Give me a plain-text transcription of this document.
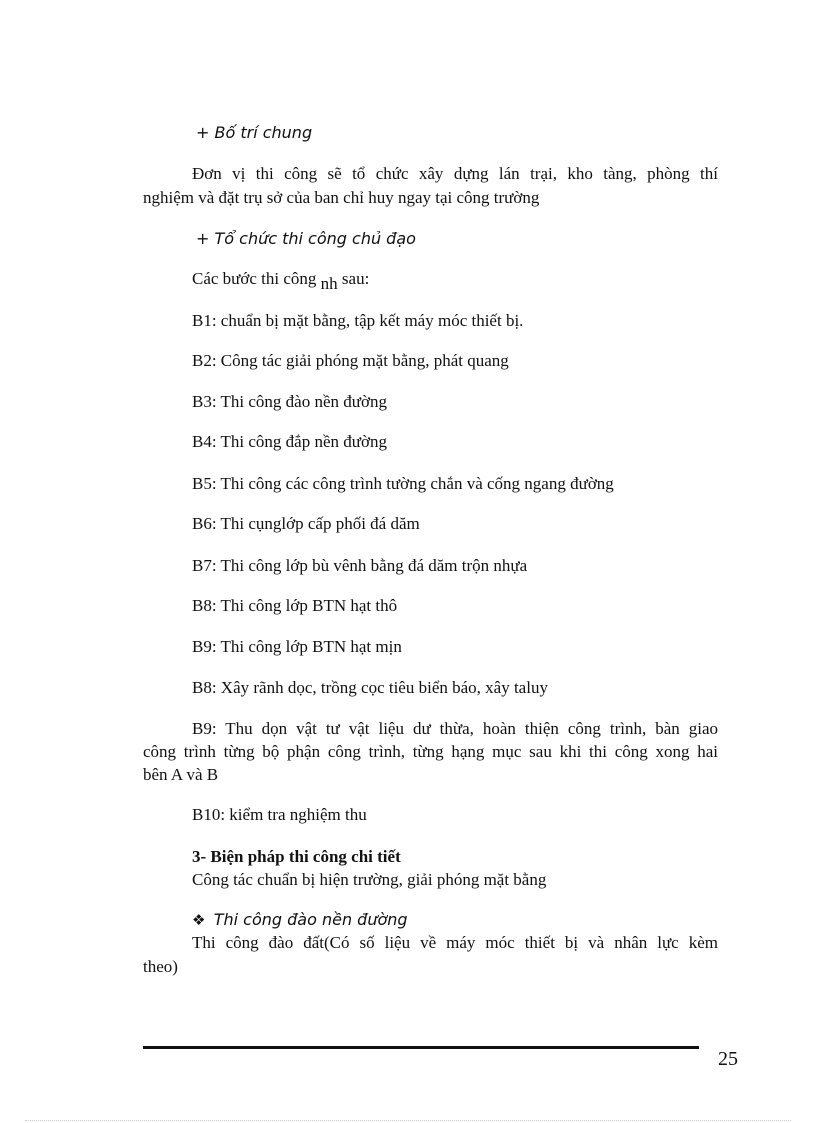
+ Bố trí chung
Đơn vị thi công sẽ tổ chức xây dựng lán trại, kho tàng, phòng thí
nghiệm và đặt trụ sở của ban chỉ huy ngay tại công trường
+ Tổ chức thi công chủ đạo
Các bước thi công nh sau:
B1: chuẩn bị mặt bằng, tập kết máy móc thiết bị.
B2: Công tác giải phóng mặt bằng, phát quang
B3: Thi công đào nền đường
B4: Thi công đắp nền đường
B5: Thi công các công trình tường chắn và cống ngang đường
B6: Thi cụnglớp cấp phối đá dăm
B7: Thi công lớp bù vênh bằng đá dăm trộn nhựa
B8: Thi công lớp BTN hạt thô
B9: Thi công lớp BTN hạt mịn
B8: Xây rãnh dọc, trồng cọc tiêu biển báo, xây taluy
B9: Thu dọn vật tư vật liệu dư thừa, hoàn thiện công trình, bàn giao
công trình từng bộ phận công trình, từng hạng mục sau khi thi công xong hai
bên A và B
B10: kiểm tra nghiệm thu
3- Biện pháp thi công chi tiết
Công tác chuẩn bị hiện trường, giải phóng mặt bằng
❖ Thi công đào nền đường
Thi công đào đất(Có số liệu về máy móc thiết bị và nhân lực kèm
theo)
25
